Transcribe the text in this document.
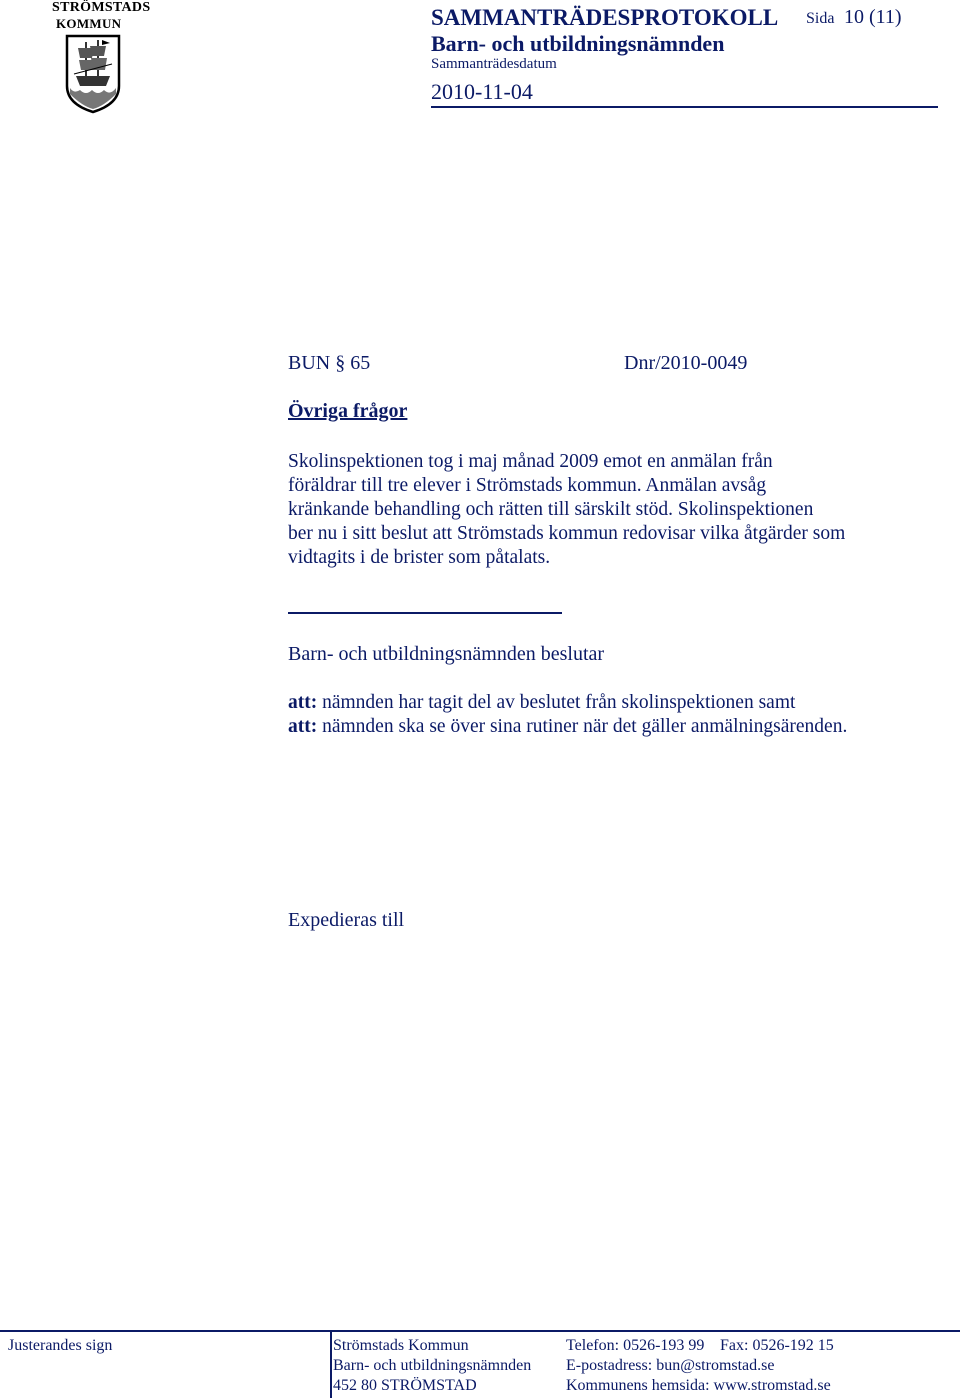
STRÖMSTADS
KOMMUN	SAMMANTRÄDESPROTOKOLL Sida 10 (11)
Barn- och utbildningsnämnden
Sammanträdesdatum
2010-11-04
BUN § 65	Dnr/2010-0049
Övriga frågor
Skolinspektionen tog i maj månad 2009 emot en anmälan från
föräldrar till tre elever i Strömstads kommun. Anmälan avsåg
kränkande behandling och rätten till särskilt stöd. Skolinspektionen
ber nu i sitt beslut att Strömstads kommun redovisar vilka åtgärder som
vidtagits i de brister som påtalats.
Barn- och utbildningsnämnden beslutar
att: nämnden har tagit del av beslutet från skolinspektionen samt
att: nämnden ska se över sina rutiner när det gäller anmälningsärenden.
Expedieras till
Justerandes sign	Strömstads Kommun
Barn- och utbildningsnämnden
452 80 STRÖMSTAD
Telefon: 0526-193 99 Fax: 0526-192 15
E-postadress: bun@stromstad.se
Kommunens hemsida: www.stromstad.se
